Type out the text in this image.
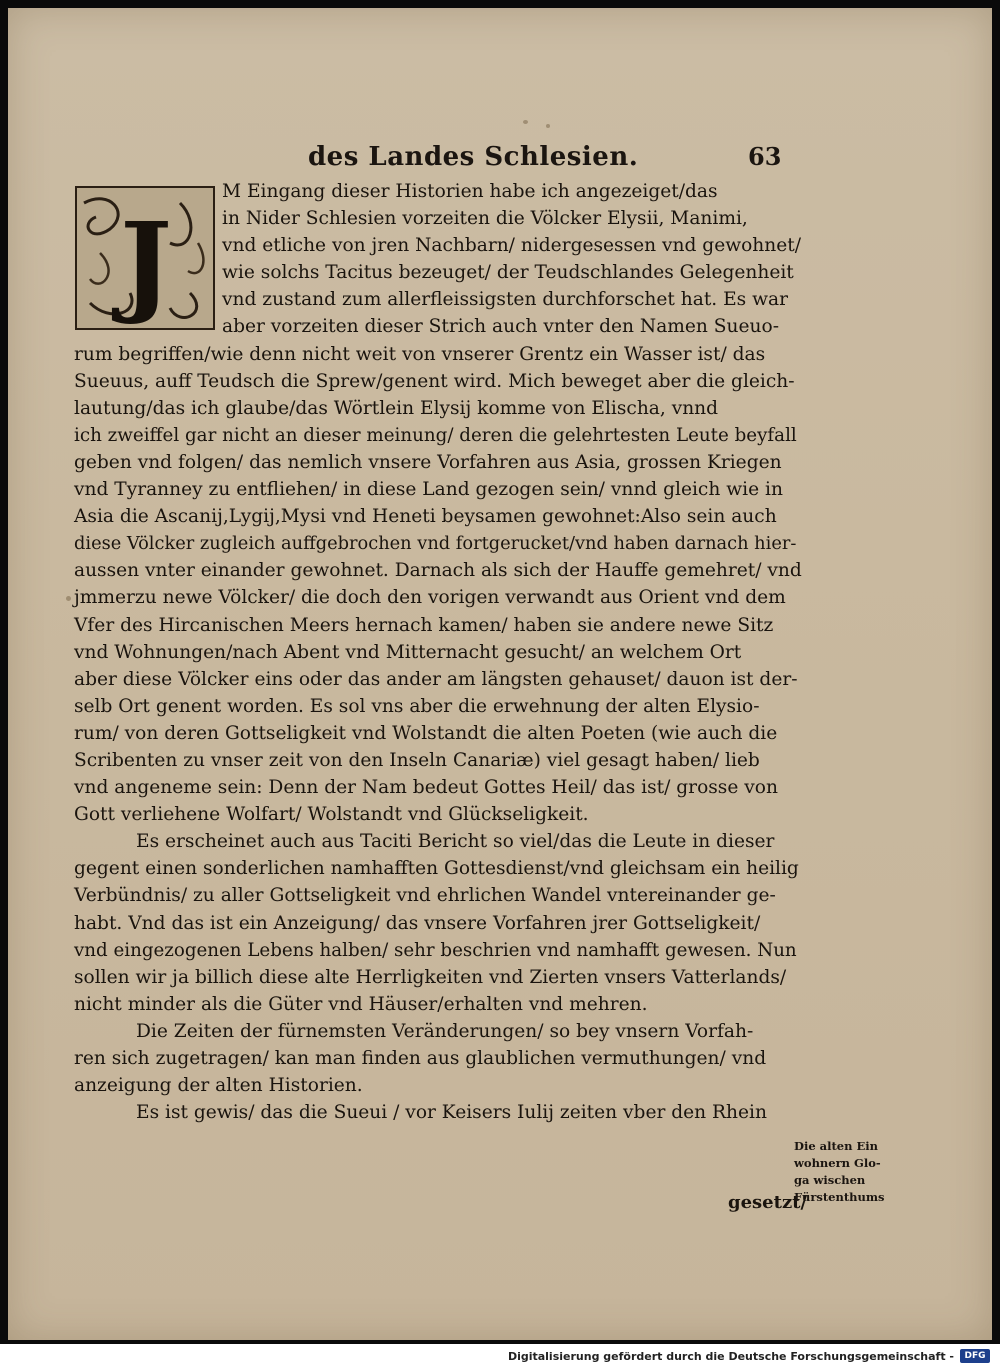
des Landes Schlesien.	63
J
M Eingang dieser Historien habe ich angezeiget/das
in Nider Schlesien vorzeiten die Völcker Elysii, Manimi,
vnd etliche von jren Nachbarn/ nidergesessen vnd gewohnet/
wie solchs Tacitus bezeuget/ der Teudschlandes Gelegenheit
vnd zustand zum allerfleissigsten durchforschet hat. Es war
aber vorzeiten dieser Strich auch vnter den Namen Sueuo-
rum begriffen/wie denn nicht weit von vnserer Grentz ein Wasser ist/ das
Sueuus, auff Teudsch die Sprew/genent wird. Mich beweget aber die gleich-
lautung/das ich glaube/das Wörtlein Elysij komme von Elischa, vnnd
ich zweiffel gar nicht an dieser meinung/ deren die gelehrtesten Leute beyfall
geben vnd folgen/ das nemlich vnsere Vorfahren aus Asia, grossen Kriegen
vnd Tyranney zu entfliehen/ in diese Land gezogen sein/ vnnd gleich wie in
Asia die Ascanij,Lygij,Mysi vnd Heneti beysamen gewohnet:Also sein auch
diese Völcker zugleich auffgebrochen vnd fortgerucket/vnd haben darnach hier-
aussen vnter einander gewohnet. Darnach als sich der Hauffe gemehret/ vnd
jmmerzu newe Völcker/ die doch den vorigen verwandt aus Orient vnd dem
Vfer des Hircanischen Meers hernach kamen/ haben sie andere newe Sitz
vnd Wohnungen/nach Abent vnd Mitternacht gesucht/ an welchem Ort
aber diese Völcker eins oder das ander am längsten gehauset/ dauon ist der-
selb Ort genent worden. Es sol vns aber die erwehnung der alten Elysio-
rum/ von deren Gottseligkeit vnd Wolstandt die alten Poeten (wie auch die
Scribenten zu vnser zeit von den Inseln Canariæ) viel gesagt haben/ lieb
vnd angeneme sein: Denn der Nam bedeut Gottes Heil/ das ist/ grosse von
Gott verliehene Wolfart/ Wolstandt vnd Glückseligkeit.
Es erscheinet auch aus Taciti Bericht so viel/das die Leute in dieser
gegent einen sonderlichen namhafften Gottesdienst/vnd gleichsam ein heilig
Verbündnis/ zu aller Gottseligkeit vnd ehrlichen Wandel vntereinander ge-
habt. Vnd das ist ein Anzeigung/ das vnsere Vorfahren jrer Gottseligkeit/
vnd eingezogenen Lebens halben/ sehr beschrien vnd namhafft gewesen. Nun
sollen wir ja billich diese alte Herrligkeiten vnd Zierten vnsers Vatterlands/
nicht minder als die Güter vnd Häuser/erhalten vnd mehren.
Die Zeiten der fürnemsten Veränderungen/ so bey vnsern Vorfah-
ren sich zugetragen/ kan man finden aus glaublichen vermuthungen/ vnd
anzeigung der alten Historien.
Es ist gewis/ das die Sueui / vor Keisers Iulij zeiten vber den Rhein
Die alten Ein
wohnern Glo-
ga wischen
Fürstenthums
gesetzt/
Digitalisierung gefördert durch die Deutsche Forschungsgemeinschaft -	DFG
